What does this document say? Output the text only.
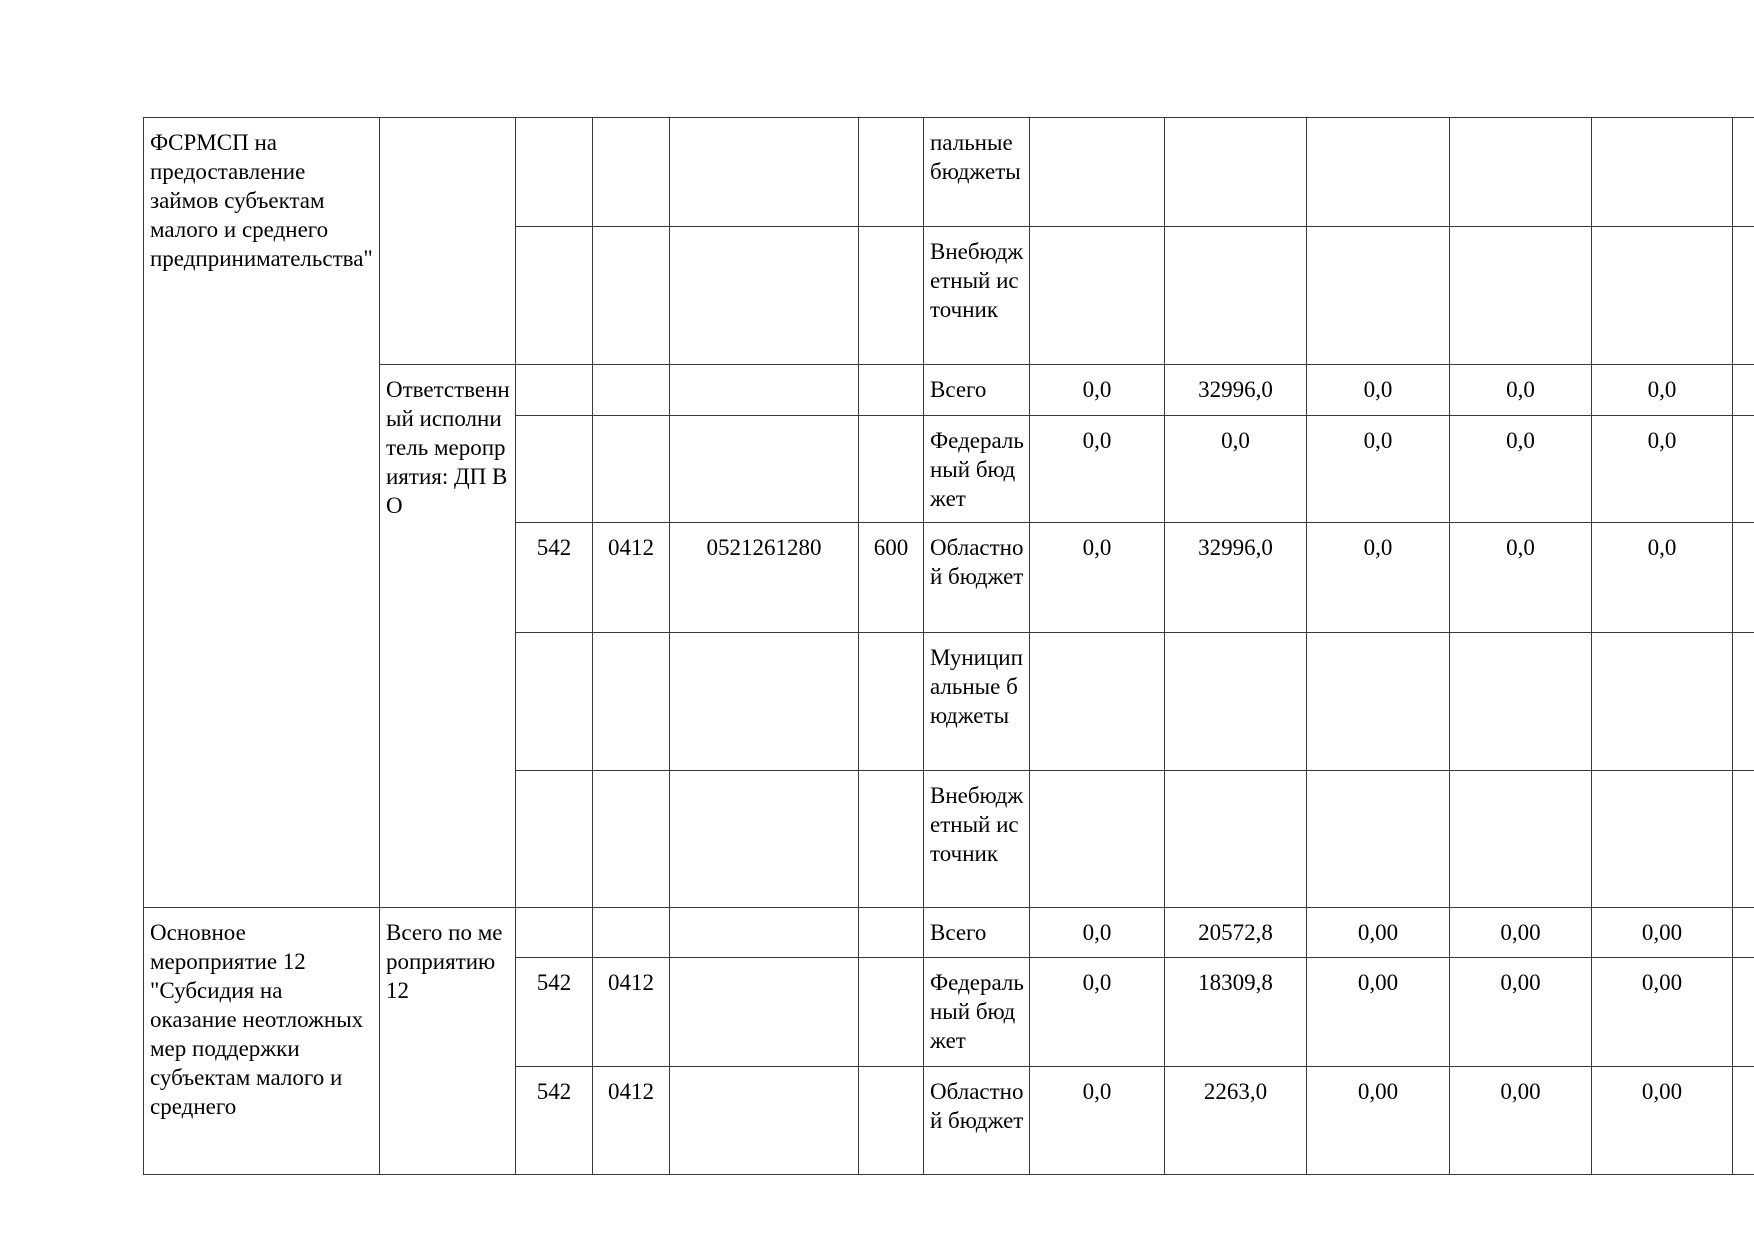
ФСРМСП на предоставление займов субъектам малого и среднего предпринимательства"						пальные бюджеты						
						Внебюджетный источник						
	Ответственный исполнитель мероприятия: ДП ВО					Всего	0,0	32996,0	0,0	0,0	0,0	
						Федеральный бюджет	0,0	0,0	0,0	0,0	0,0	
		542	0412	0521261280	600	Областной бюджет	0,0	32996,0	0,0	0,0	0,0	
						Муниципальные бюджеты						
						Внебюджетный источник						
Основное мероприятие 12 "Субсидия на оказание неотложных мер поддержки субъектам малого и среднего	Всего по мероприятию 12					Всего	0,0	20572,8	0,00	0,00	0,00	
		542	0412			Федеральный бюджет	0,0	18309,8	0,00	0,00	0,00	
		542	0412			Областной бюджет	0,0	2263,0	0,00	0,00	0,00	
